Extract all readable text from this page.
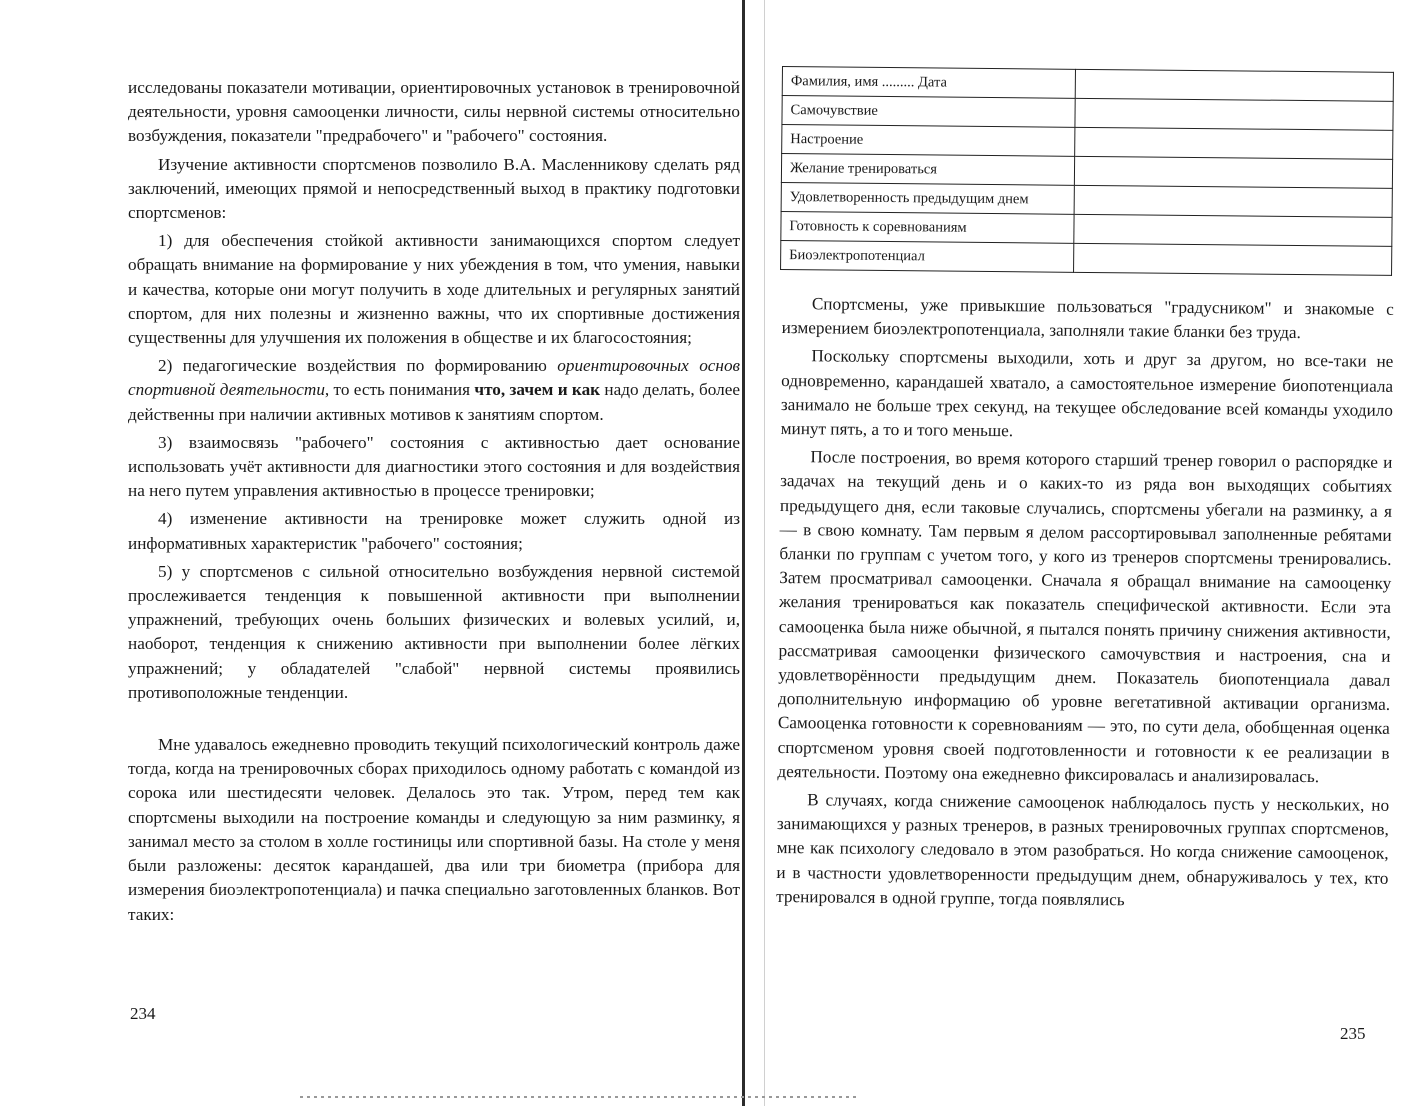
исследованы показатели мотивации, ориентировочных установок в тренировочной деятельности, уровня самооценки личности, силы нервной системы относительно возбуждения, показатели "предрабочего" и "рабочего" состояния.

Изучение активности спортсменов позволило В.А. Масленникову сделать ряд заключений, имеющих прямой и непосредственный выход в практику подготовки спортсменов:

1) для обеспечения стойкой активности занимающихся спортом следует обращать внимание на формирование у них убеждения в том, что умения, навыки и качества, которые они могут получить в ходе длительных и регулярных занятий спортом, для них полезны и жизненно важны, что их спортивные достижения существенны для улучшения их положения в обществе и их благосостояния;

2) педагогические воздействия по формированию ориентировочных основ спортивной деятельности, то есть понимания что, зачем и как надо делать, более действенны при наличии активных мотивов к занятиям спортом.

3) взаимосвязь "рабочего" состояния с активностью дает основание использовать учёт активности для диагностики этого состояния и для воздействия на него путем управления активностью в процессе тренировки;

4) изменение активности на тренировке может служить одной из информативных характеристик "рабочего" состояния;

5) у спортсменов с сильной относительно возбуждения нервной системой прослеживается тенденция к повышенной активности при выполнении упражнений, требующих очень больших физических и волевых усилий, и, наоборот, тенденция к снижению активности при выполнении более лёгких упражнений; у обладателей "слабой" нервной системы проявились противоположные тенденции.

Мне удавалось ежедневно проводить текущий психологический контроль даже тогда, когда на тренировочных сборах приходилось одному работать с командой из сорока или шестидесяти человек. Делалось это так. Утром, перед тем как спортсмены выходили на построение команды и следующую за ним разминку, я занимал место за столом в холле гостиницы или спортивной базы. На столе у меня были разложены: десяток карандашей, два или три биометра (прибора для измерения биоэлектропотенциала) и пачка специально заготовленных бланков. Вот таких:

234
Фамилия, имя ......... Дата	
Самочувствие	
Настроение	
Желание тренироваться	
Удовлетворенность предыдущим днем	
Готовность к соревнованиям	
Биоэлектропотенциал	

Спортсмены, уже привыкшие пользоваться "градусником" и знакомые с измерением биоэлектропотенциала, заполняли такие бланки без труда.

Поскольку спортсмены выходили, хоть и друг за другом, но все-таки не одновременно, карандашей хватало, а самостоятельное измерение биопотенциала занимало не больше трех секунд, на текущее обследование всей команды уходило минут пять, а то и того меньше.

После построения, во время которого старший тренер говорил о распорядке и задачах на текущий день и о каких-то из ряда вон выходящих событиях предыдущего дня, если таковые случались, спортсмены убегали на разминку, а я — в свою комнату. Там первым я делом рассортировывал заполненные ребятами бланки по группам с учетом того, у кого из тренеров спортсмены тренировались. Затем просматривал самооценки. Сначала я обращал внимание на самооценку желания тренироваться как показатель специфической активности. Если эта самооценка была ниже обычной, я пытался понять причину снижения активности, рассматривая самооценки физического самочувствия и настроения, сна и удовлетворённости предыдущим днем. Показатель биопотенциала давал дополнительную информацию об уровне вегетативной активации организма. Самооценка готовности к соревнованиям — это, по сути дела, обобщенная оценка спортсменом уровня своей подготовленности и готовности к ее реализации в деятельности. Поэтому она ежедневно фиксировалась и анализировалась.

В случаях, когда снижение самооценок наблюдалось пусть у нескольких, но занимающихся у разных тренеров, в разных тренировочных группах спортсменов, мне как психологу следовало в этом разобраться. Но когда снижение самооценок, и в частности удовлетворенности предыдущим днем, обнаруживалось у тех, кто тренировался в одной группе, тогда появлялись

235
